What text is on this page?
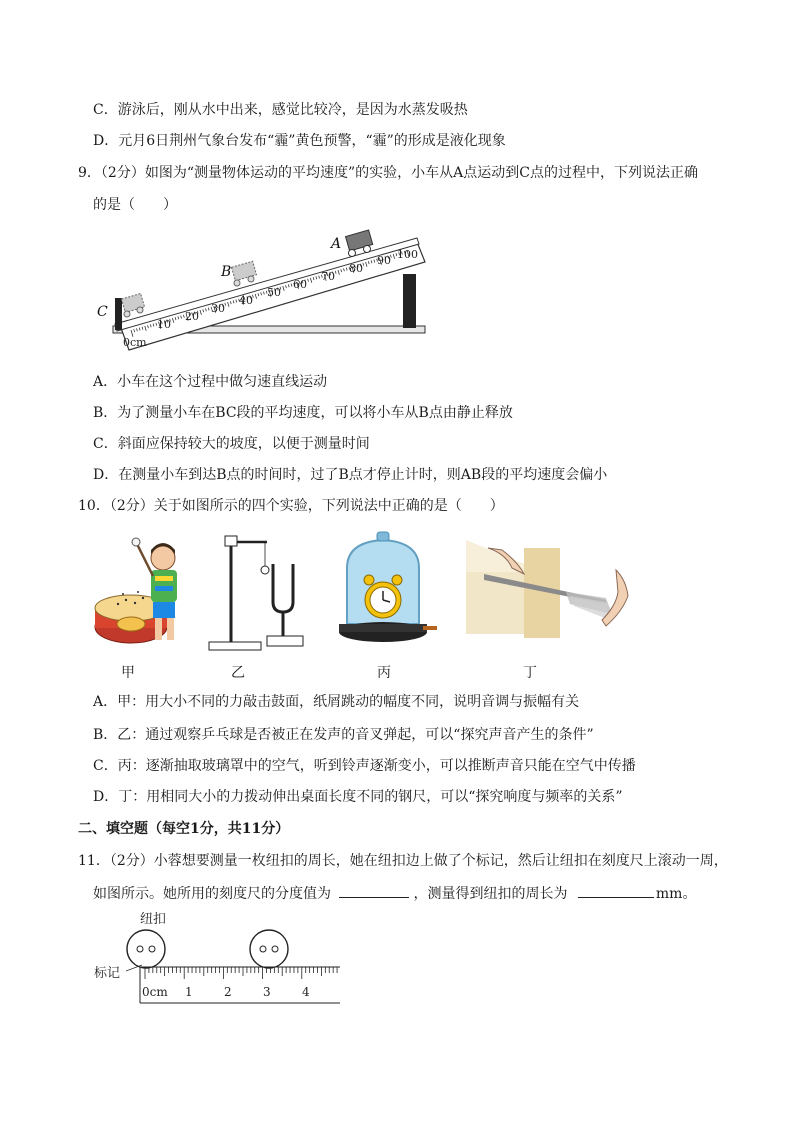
C．游泳后，刚从水中出来，感觉比较冷，是因为水蒸发吸热
D．元月6日荆州气象台发布“霾”黄色预警，“霾”的形成是液化现象
9．（2分）如图为“测量物体运动的平均速度”的实验，小车从A点运动到C点的过程中，下列说法正确
的是（　　）
0cm
10
20
30
40
50
60
70
80
90 100
A
B
C
A．小车在这个过程中做匀速直线运动
B．为了测量小车在BC段的平均速度，可以将小车从B点由静止释放
C．斜面应保持较大的坡度，以便于测量时间
D．在测量小车到达B点的时间时，过了B点才停止计时，则AB段的平均速度会偏小
10．（2分）关于如图所示的四个实验，下列说法中正确的是（　　）
甲	乙	丙	丁
A．甲：用大小不同的力敲击鼓面，纸屑跳动的幅度不同，说明音调与振幅有关
B．乙：通过观察乒乓球是否被正在发声的音叉弹起，可以“探究声音产生的条件”
C．丙：逐渐抽取玻璃罩中的空气，听到铃声逐渐变小，可以推断声音只能在空气中传播
D．丁：用相同大小的力拨动伸出桌面长度不同的钢尺，可以“探究响度与频率的关系”
二、填空题（每空1分，共11分）
11．（2分）小蓉想要测量一枚纽扣的周长，她在纽扣边上做了个标记，然后让纽扣在刻度尺上滚动一周，
如图所示。她所用的刻度尺的分度值为	，测量得到纽扣的周长为	mm。
纽扣
标记
0cm 1	2	3	4
